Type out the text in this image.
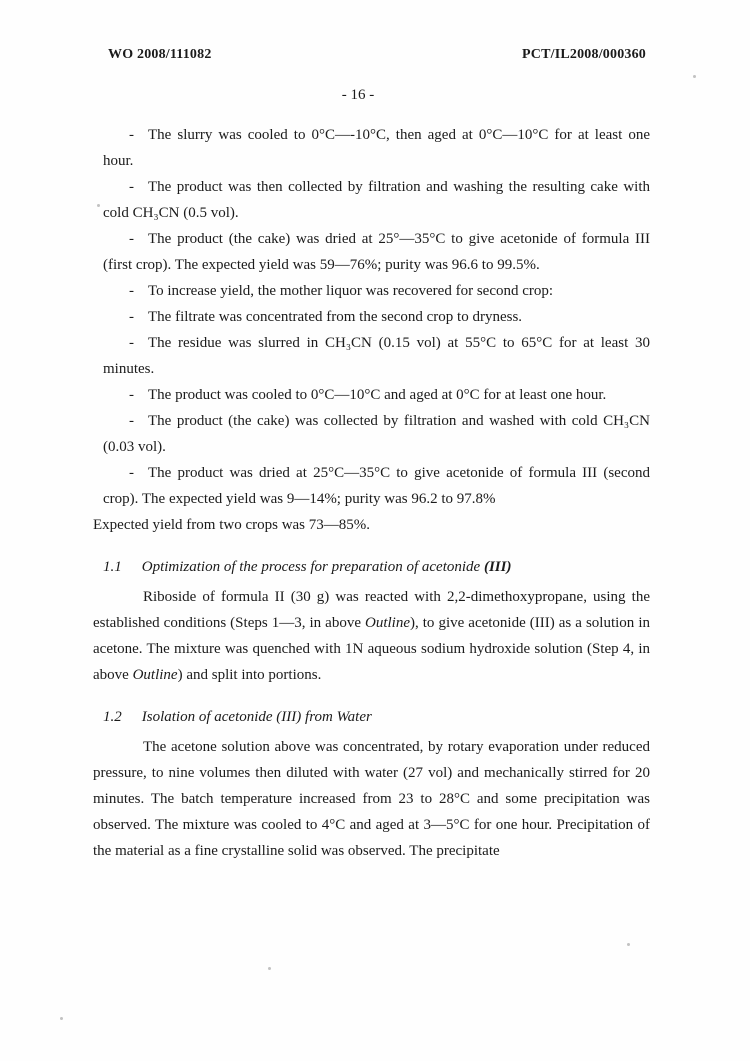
WO 2008/111082	PCT/IL2008/000360
- 16 -

- The slurry was cooled to 0°C—-10°C, then aged at 0°C—10°C for at least one hour.

- The product was then collected by filtration and washing the resulting cake with cold CH₃CN (0.5 vol).

- The product (the cake) was dried at 25°—35°C to give acetonide of formula III (first crop). The expected yield was 59—76%; purity was 96.6 to 99.5%.

- To increase yield, the mother liquor was recovered for second crop:

- The filtrate was concentrated from the second crop to dryness.

- The residue was slurred in CH₃CN (0.15 vol) at 55°C to 65°C for at least 30 minutes.

- The product was cooled to 0°C—10°C and aged at 0°C for at least one hour.

- The product (the cake) was collected by filtration and washed with cold CH₃CN (0.03 vol).

- The product was dried at 25°C—35°C to give acetonide of formula III (second crop). The expected yield was 9—14%; purity was 96.2 to 97.8%

Expected yield from two crops was 73—85%.

1.1 Optimization of the process for preparation of acetonide (III)

Riboside of formula II (30 g) was reacted with 2,2-dimethoxypropane, using the established conditions (Steps 1—3, in above Outline), to give acetonide (III) as a solution in acetone. The mixture was quenched with 1N aqueous sodium hydroxide solution (Step 4, in above Outline) and split into portions.

1.2 Isolation of acetonide (III) from Water

The acetone solution above was concentrated, by rotary evaporation under reduced pressure, to nine volumes then diluted with water (27 vol) and mechanically stirred for 20 minutes. The batch temperature increased from 23 to 28°C and some precipitation was observed. The mixture was cooled to 4°C and aged at 3—5°C for one hour. Precipitation of the material as a fine crystalline solid was observed. The precipitate
